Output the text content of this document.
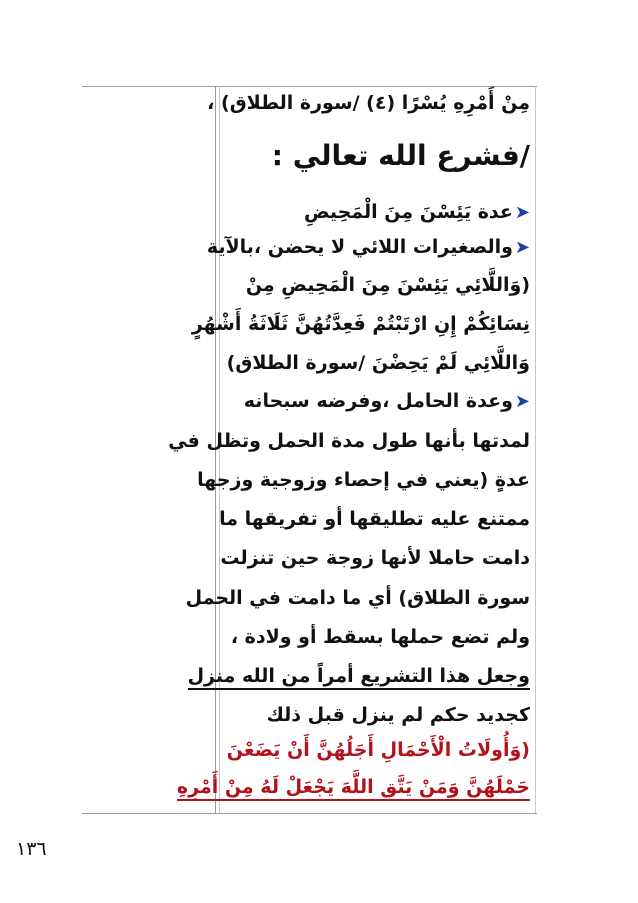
مِنْ أَمْرِهِ يُسْرًا (٤) /سورة الطلاق) ،
/فشرع الله تعالي :
➤عدة يَئِسْنَ مِنَ الْمَحِيضِ
➤والصغيرات اللائي لا يحضن ،بالآية
(وَاللَّائِي يَئِسْنَ مِنَ الْمَحِيضِ مِنْ
نِسَائِكُمْ إِنِ ارْتَبْتُمْ فَعِدَّتُهُنَّ ثَلَاثَةُ أَشْهُرٍ
وَاللَّائِي لَمْ يَحِضْنَ /سورة الطلاق)
➤وعدة الحامل ،وفرضه سبحانه
لمدتها بأنها طول مدة الحمل وتظل في
عدةٍ (يعني في إحصاء وزوجية وزجها
ممتنع عليه تطليقها أو تفريقها ما
دامت حاملا لأنها زوجة حين تنزلت
سورة الطلاق) أي ما دامت في الحمل
ولم تضع حملها بسقط أو ولادة ،
وجعل هذا التشريع أمراً من الله منزل
كجديد حكم لم ينزل قبل ذلك
(وَأُولَاتُ الْأَحْمَالِ أَجَلُهُنَّ أَنْ يَضَعْنَ
حَمْلَهُنَّ وَمَنْ يَتَّقِ اللَّهَ يَجْعَلْ لَهُ مِنْ أَمْرِهِ
١٣٦
